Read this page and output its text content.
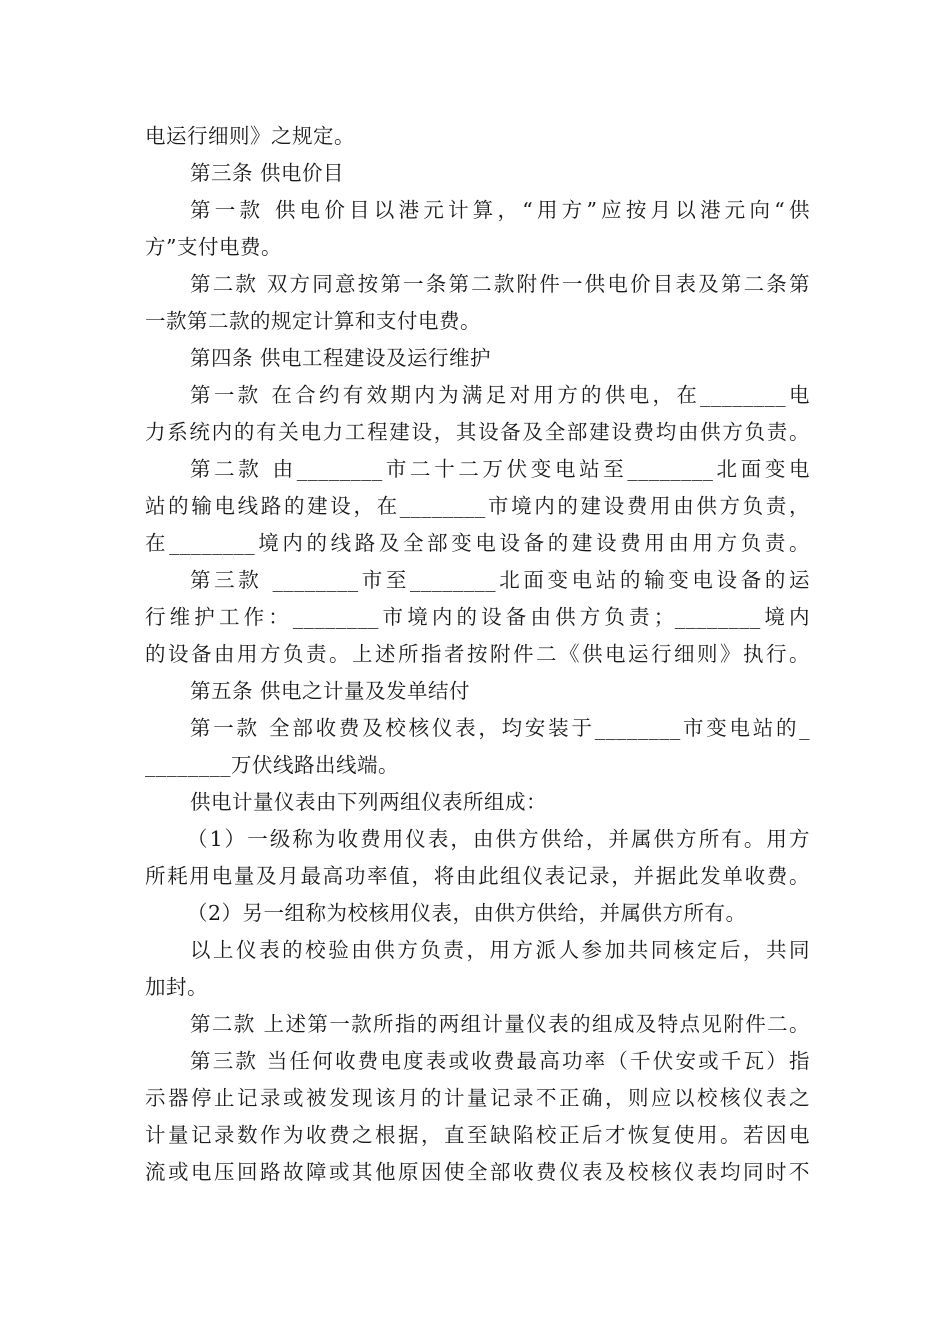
电运行细则》之规定。
第三条 供电价目
第一款 供电价目以港元计算，“用方”应按月以港元向“供
方”支付电费。
第二款 双方同意按第一条第二款附件一供电价目表及第二条第
一款第二款的规定计算和支付电费。
第四条 供电工程建设及运行维护
第一款 在合约有效期内为满足对用方的供电，在________电
力系统内的有关电力工程建设，其设备及全部建设费均由供方负责。
第二款 由________市二十二万伏变电站至________北面变电
站的输电线路的建设，在________市境内的建设费用由供方负责，
在________境内的线路及全部变电设备的建设费用由用方负责。
第三款 ________市至________北面变电站的输变电设备的运
行维护工作：________市境内的设备由供方负责；________境内
的设备由用方负责。上述所指者按附件二《供电运行细则》执行。
第五条 供电之计量及发单结付
第一款 全部收费及校核仪表，均安装于________市变电站的_
________万伏线路出线端。
供电计量仪表由下列两组仪表所组成：
（1）一级称为收费用仪表，由供方供给，并属供方所有。用方
所耗用电量及月最高功率值，将由此组仪表记录，并据此发单收费。
（2）另一组称为校核用仪表，由供方供给，并属供方所有。
以上仪表的校验由供方负责，用方派人参加共同核定后，共同
加封。
第二款 上述第一款所指的两组计量仪表的组成及特点见附件二。
第三款 当任何收费电度表或收费最高功率（千伏安或千瓦）指
示器停止记录或被发现该月的计量记录不正确，则应以校核仪表之
计量记录数作为收费之根据，直至缺陷校正后才恢复使用。若因电
流或电压回路故障或其他原因使全部收费仪表及校核仪表均同时不
